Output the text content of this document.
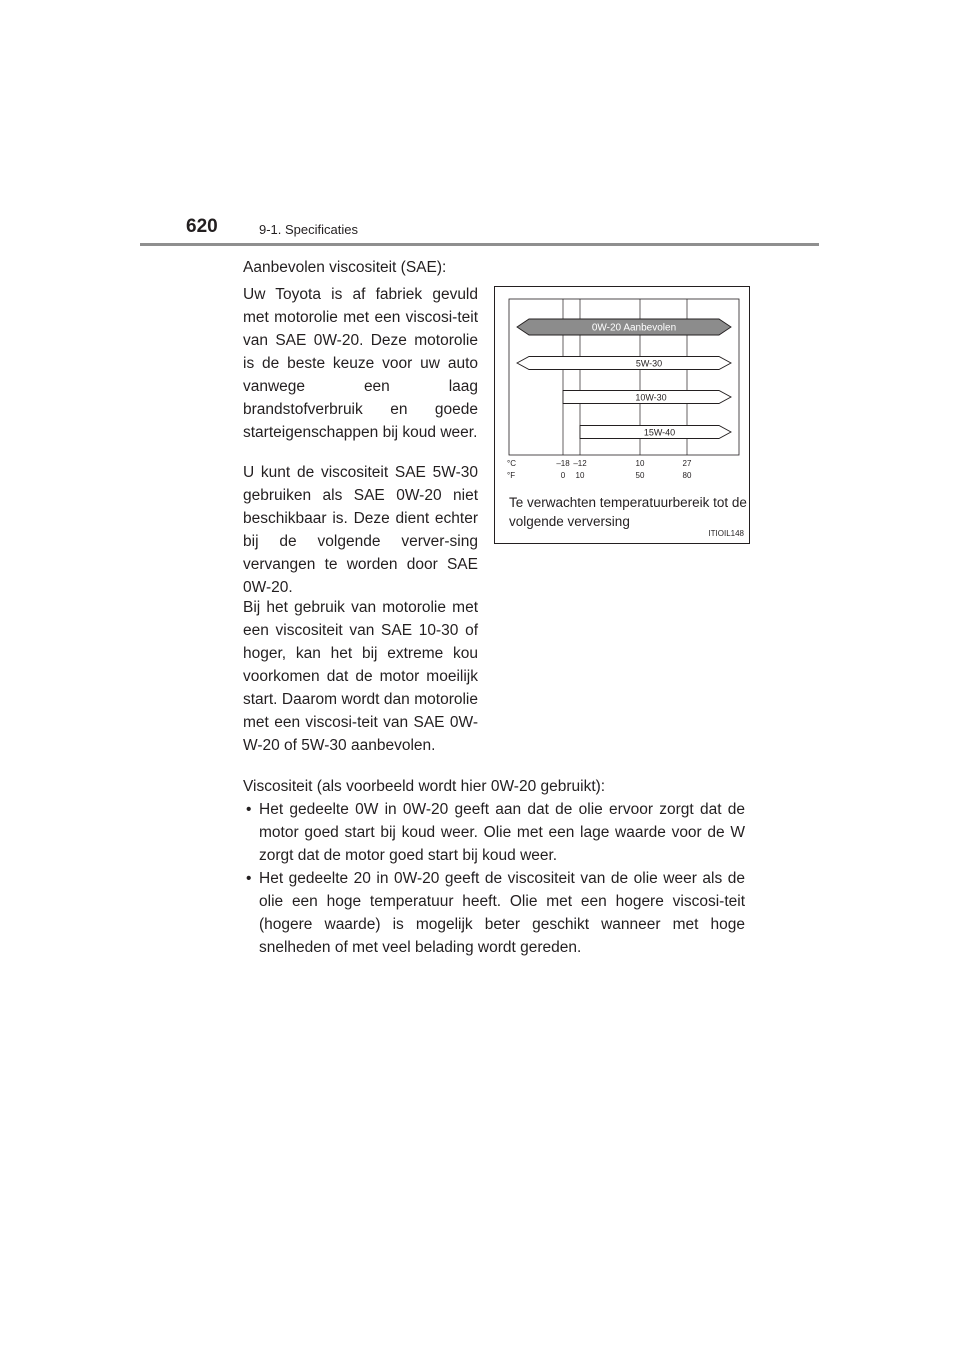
620	9-1. Specificaties

Aanbevolen viscositeit (SAE):

Uw Toyota is af fabriek gevuld met motorolie met een viscosi-teit van SAE 0W-20. Deze motorolie is de beste keuze voor uw auto vanwege een laag brandstofverbruik en goede starteigenschappen bij koud weer.

U kunt de viscositeit SAE 5W-30 gebruiken als SAE 0W-20 niet beschikbaar is. Deze dient echter bij de volgende verver-sing vervangen te worden door SAE 0W-20.

Bij het gebruik van motorolie met een viscositeit van SAE 10-30 of hoger, kan het bij extreme kou voorkomen dat de motor moeilijk start. Daarom wordt dan motorolie met een viscosi-teit van SAE 0W-W-20 of 5W-30 aanbevolen.

0W-20 Aanbevolen
5W-30
10W-30
15W-40
°C
°F
–18 –12	10	27
0 10	50	80

Te verwachten temperatuurbereik tot de volgende verversing

ITIOIL148

Viscositeit (als voorbeeld wordt hier 0W-20 gebruikt):

• Het gedeelte 0W in 0W-20 geeft aan dat de olie ervoor zorgt dat de motor goed start bij koud weer. Olie met een lage waarde voor de W zorgt dat de motor goed start bij koud weer.
• Het gedeelte 20 in 0W-20 geeft de viscositeit van de olie weer als de olie een hoge temperatuur heeft. Olie met een hogere viscosi-teit (hogere waarde) is mogelijk beter geschikt wanneer met hoge snelheden of met veel belading wordt gereden.
